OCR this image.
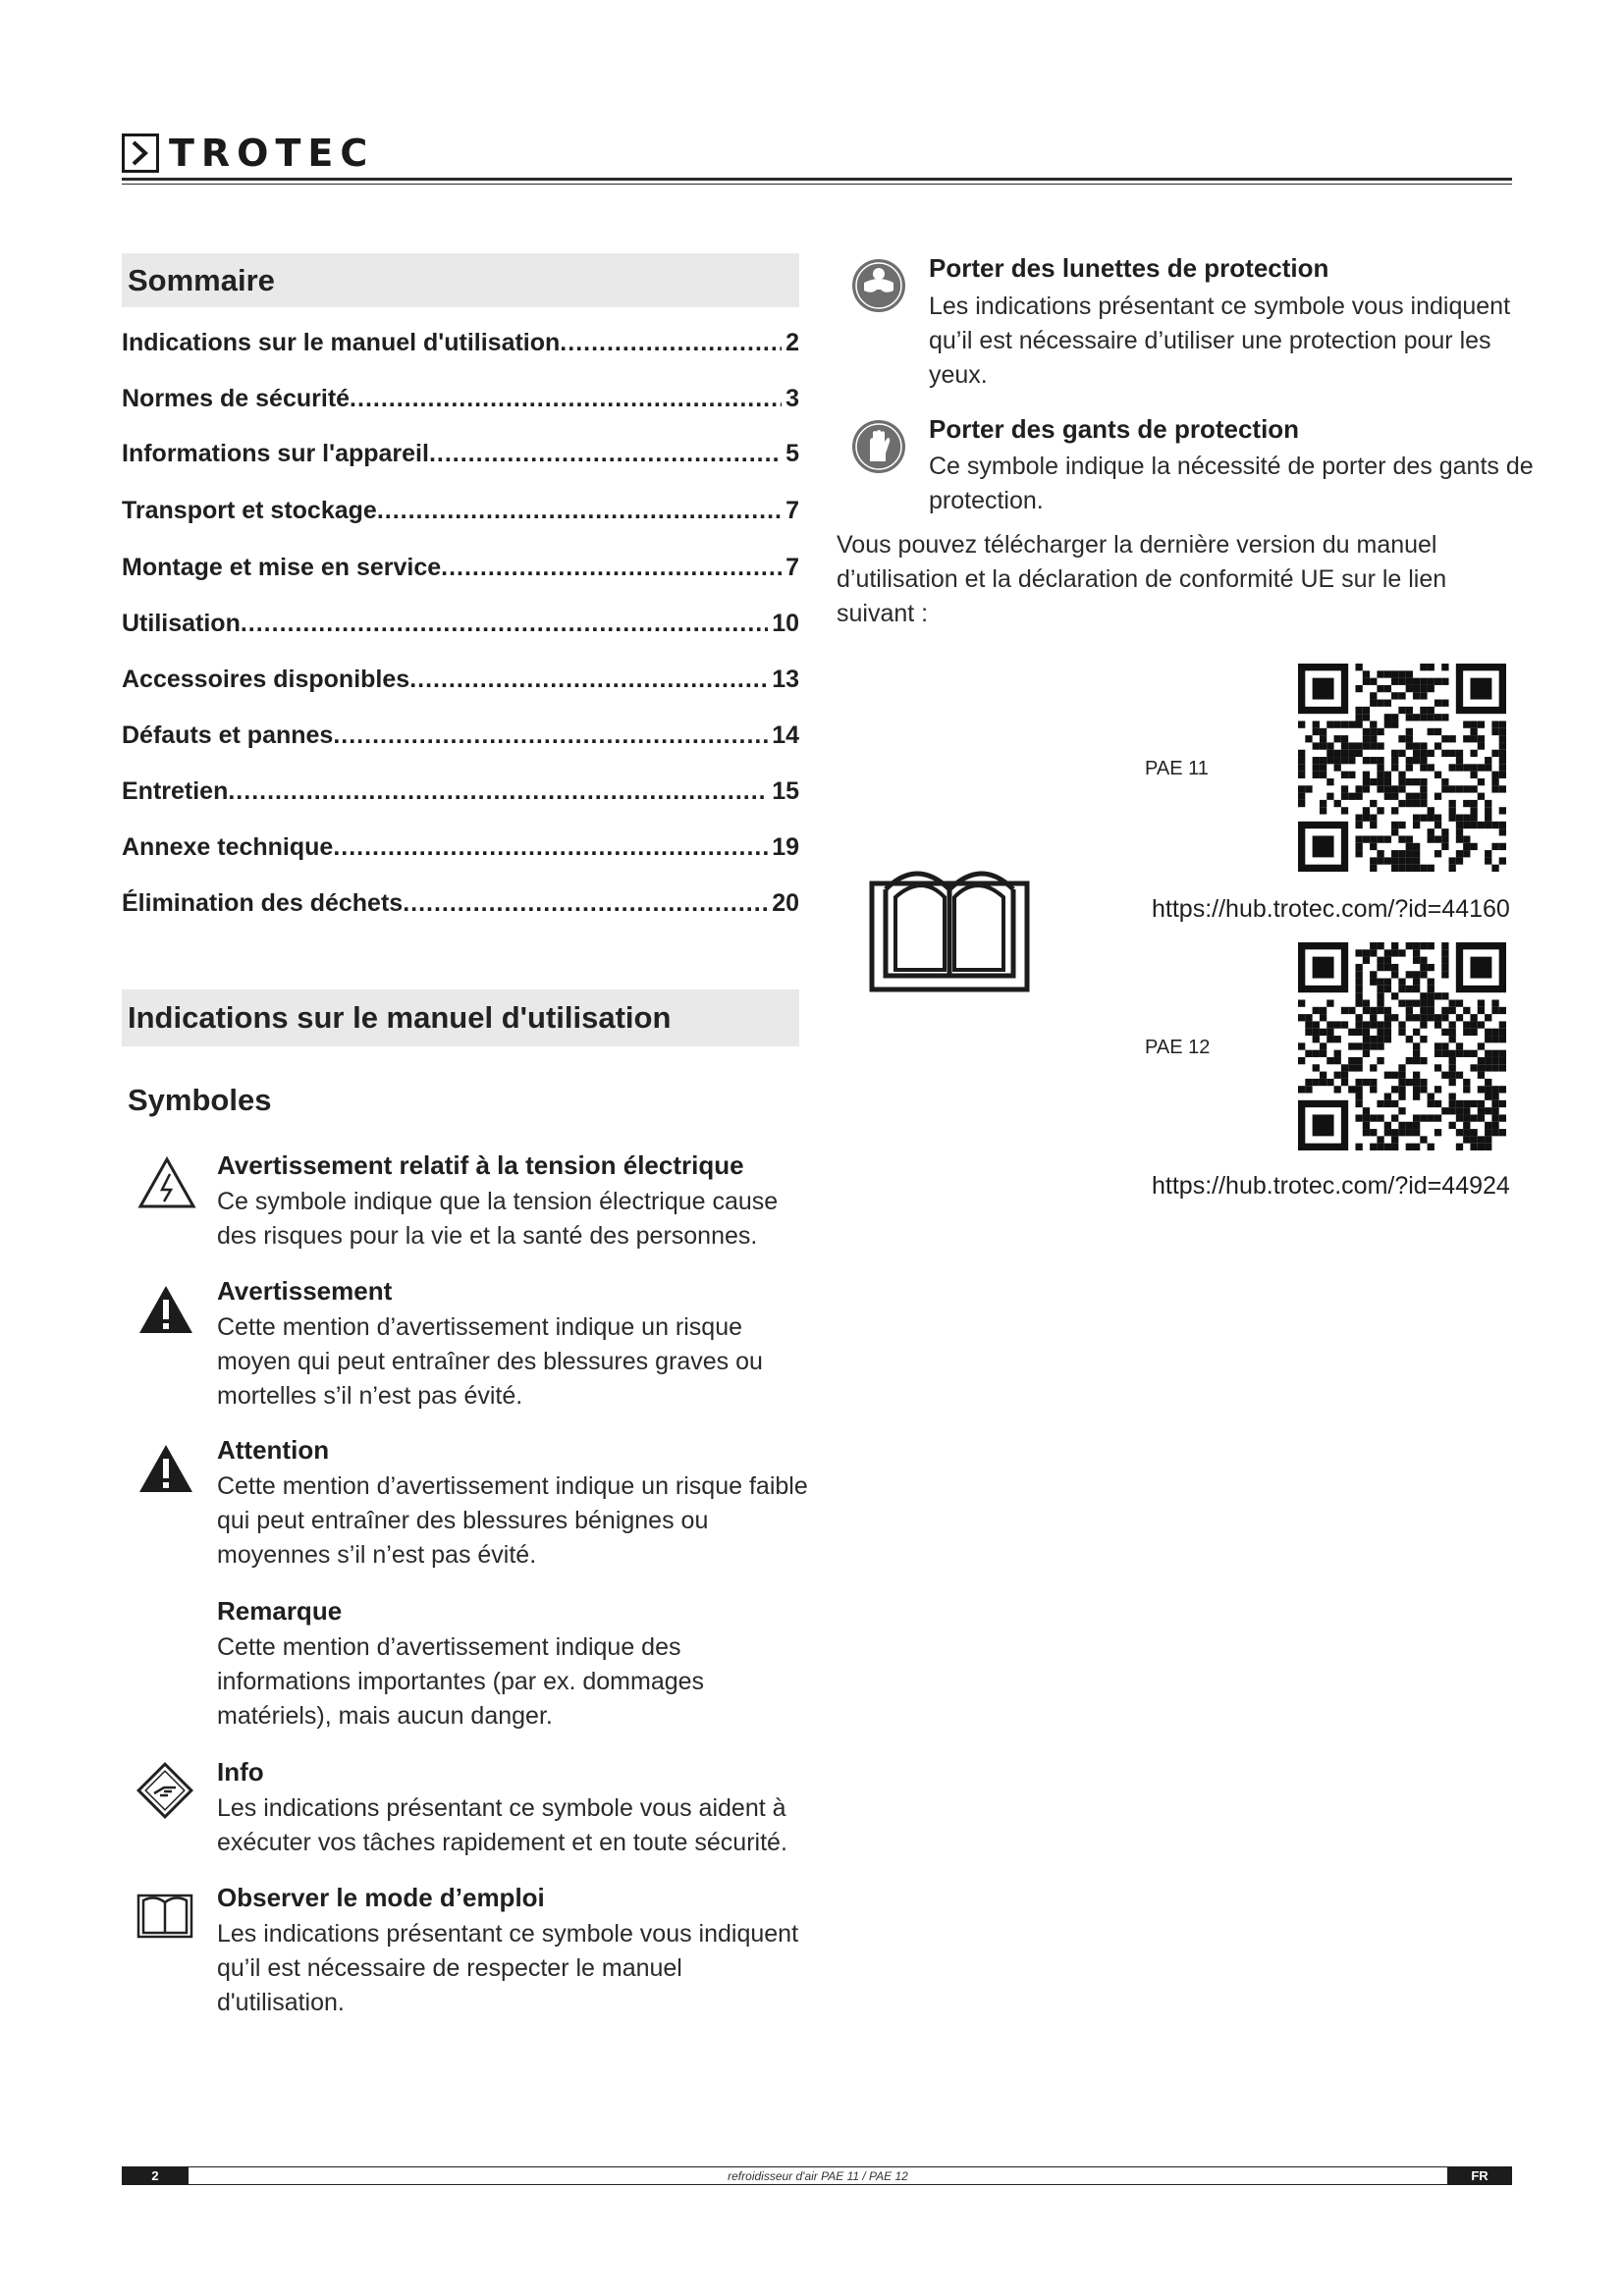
TROTEC
Sommaire
Indications sur le manuel d'utilisation .....	2
Normes de sécurité .....	3
Informations sur l'appareil .....	5
Transport et stockage .....	7
Montage et mise en service .....	7
Utilisation .....	10
Accessoires disponibles .....	13
Défauts et pannes .....	14
Entretien .....	15
Annexe technique .....	19
Élimination des déchets .....	20
Indications sur le manuel d'utilisation
Symboles
Avertissement relatif à la tension électrique
Ce symbole indique que la tension électrique cause
des risques pour la vie et la santé des personnes.
Avertissement
Cette mention d’avertissement indique un risque
moyen qui peut entraîner des blessures graves ou
mortelles s’il n’est pas évité.
Attention
Cette mention d’avertissement indique un risque faible
qui peut entraîner des blessures bénignes ou
moyennes s’il n’est pas évité.
Remarque
Cette mention d’avertissement indique des
informations importantes (par ex. dommages
matériels), mais aucun danger.
Info
Les indications présentant ce symbole vous aident à
exécuter vos tâches rapidement et en toute sécurité.
Observer le mode d’emploi
Les indications présentant ce symbole vous indiquent
qu’il est nécessaire de respecter le manuel
d'utilisation.
Porter des lunettes de protection
Les indications présentant ce symbole vous indiquent
qu’il est nécessaire d’utiliser une protection pour les
yeux.
Porter des gants de protection
Ce symbole indique la nécessité de porter des gants de
protection.
Vous pouvez télécharger la dernière version du manuel
d’utilisation et la déclaration de conformité UE sur le lien
suivant :
PAE 11
https://hub.trotec.com/?id=44160
PAE 12
https://hub.trotec.com/?id=44924
2	refroidisseur d'air PAE 11 / PAE 12	FR
